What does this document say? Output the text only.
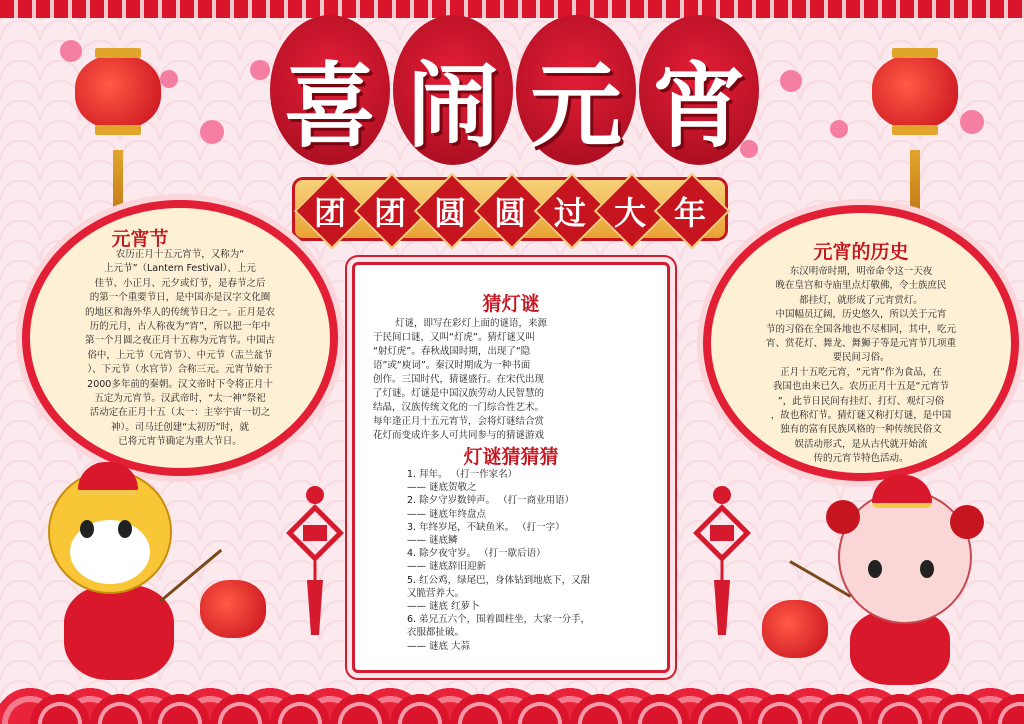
喜 闹 元 宵
团 团 圆 圆 过 大 年
元宵节
农历正月十五元宵节，又称为“
上元节”（Lantern Festival）、上元
佳节、小正月、元夕或灯节，是春节之后
的第一个重要节日，是中国亦是汉字文化圈
的地区和海外华人的传统节日之一。正月是农
历的元月，古人称夜为“宵”，所以把一年中
第一个月圆之夜正月十五称为元宵节。中国古
俗中，上元节（元宵节）、中元节（盂兰盆节
）、下元节（水官节）合称三元。元宵节始于
2000多年前的秦朝。汉文帝时下令将正月十
五定为元宵节。汉武帝时，“太一神”祭祀
活动定在正月十五（太一：主宰宇宙一切之
神）。司马迁创建“太初历”时，就
已将元宵节确定为重大节日。
元宵的历史
东汉明帝时期，明帝命令这一天夜
晚在皇宫和寺庙里点灯敬佛，令士族庶民
都挂灯，就形成了元宵赏灯。
中国幅员辽阔，历史悠久，所以关于元宵
节的习俗在全国各地也不尽相同，其中，吃元
宵、赏花灯、舞龙、舞狮子等是元宵节几项重
要民间习俗。
正月十五吃元宵，“元宵”作为食品，在
我国也由来已久。农历正月十五是“元宵节
”，此节日民间有挂灯、打灯、观灯习俗
，故也称灯节。猜灯谜又称打灯谜，是中国
独有的富有民族风格的一种传统民俗文
娱活动形式，是从古代就开始流
传的元宵节特色活动。
猜灯谜
灯谜，即写在彩灯上面的谜语，来源
于民间口谜，又叫“灯虎”。猜灯谜又叫
“射灯虎”。春秋战国时期，出现了“隐
语”或“庾词”。秦汉时期成为一种书面
创作。三国时代，猜谜盛行。在宋代出现
了灯谜。灯谜是中国汉族劳动人民智慧的
结晶，汉族传统文化的一门综合性艺术。
每年逢正月十五元宵节，会将灯谜结合赏
花灯而变成许多人可共同参与的猜谜游戏
灯谜猜猜猜
1. 拜年。 （打一作家名）
—— 谜底贺敬之
2. 除夕守岁数钟声。 （打一商业用语）
—— 谜底年终盘点
3. 年终岁尾，不缺鱼米。 （打一字）
—— 谜底鳞
4. 除夕夜守岁。 （打一歇后语）
—— 谜底辞旧迎新
5. 红公鸡，绿尾巴，身体钻到地底下，又甜
又脆营养大。
—— 谜底 红萝卜
6. 弟兄五六个，围着圆柱坐，大家一分手，
衣服都扯破。
—— 谜底 大蒜
